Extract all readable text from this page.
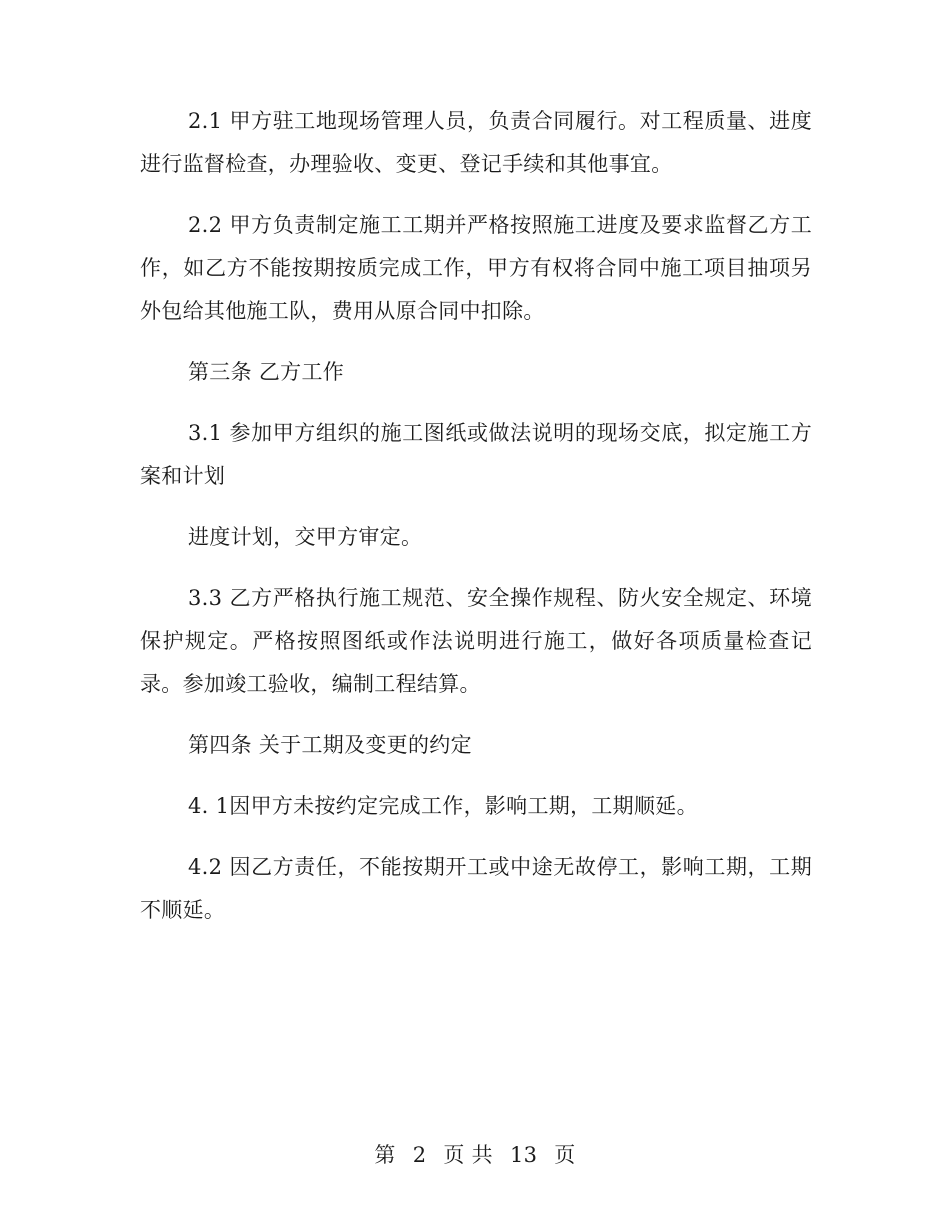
2.1 甲方驻工地现场管理人员，负责合同履行。对工程质量、进度进行监督检查，办理验收、变更、登记手续和其他事宜。

2.2 甲方负责制定施工工期并严格按照施工进度及要求监督乙方工作，如乙方不能按期按质完成工作，甲方有权将合同中施工项目抽项另外包给其他施工队，费用从原合同中扣除。

第三条 乙方工作

3.1 参加甲方组织的施工图纸或做法说明的现场交底，拟定施工方案和计划

进度计划，交甲方审定。

3.3 乙方严格执行施工规范、安全操作规程、防火安全规定、环境保护规定。严格按照图纸或作法说明进行施工，做好各项质量检查记录。参加竣工验收，编制工程结算。

第四条 关于工期及变更的约定

4. 1因甲方未按约定完成工作，影响工期，工期顺延。

4.2 因乙方责任，不能按期开工或中途无故停工，影响工期，工期不顺延。

第 2 页 共 13 页
